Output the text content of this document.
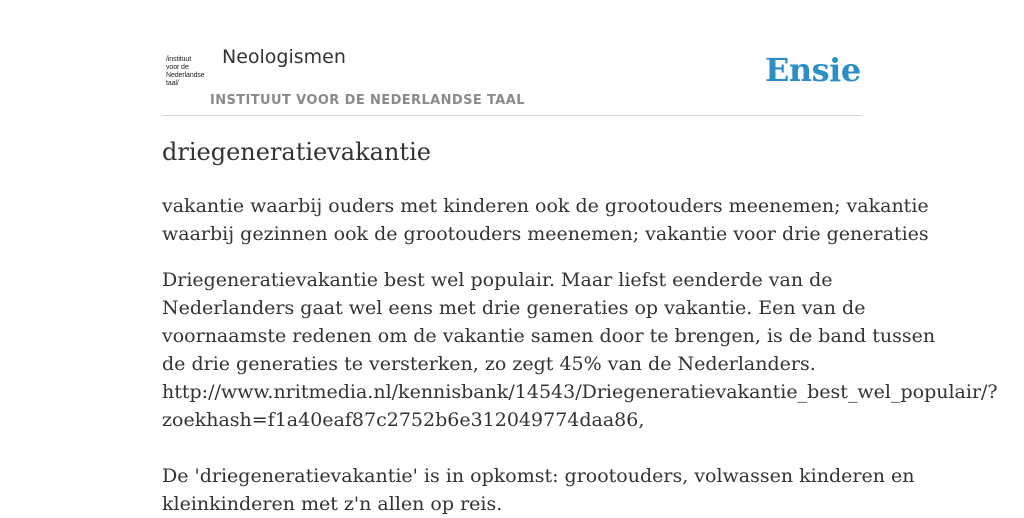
/instituut
voor de
Nederlandse
taal/
Neologismen
INSTITUUT VOOR DE NEDERLANDSE TAAL
Ensie
driegeneratievakantie
vakantie waarbij ouders met kinderen ook de grootouders meenemen; vakantie
waarbij gezinnen ook de grootouders meenemen; vakantie voor drie generaties
Driegeneratievakantie best wel populair. Maar liefst eenderde van de
Nederlanders gaat wel eens met drie generaties op vakantie. Een van de
voornaamste redenen om de vakantie samen door te brengen, is de band tussen
de drie generaties te versterken, zo zegt 45% van de Nederlanders.
http://www.nritmedia.nl/kennisbank/14543/Driegeneratievakantie_best_wel_populair/?
zoekhash=f1a40eaf87c2752b6e312049774daa86,
De 'driegeneratievakantie' is in opkomst: grootouders, volwassen kinderen en
kleinkinderen met z'n allen op reis.
